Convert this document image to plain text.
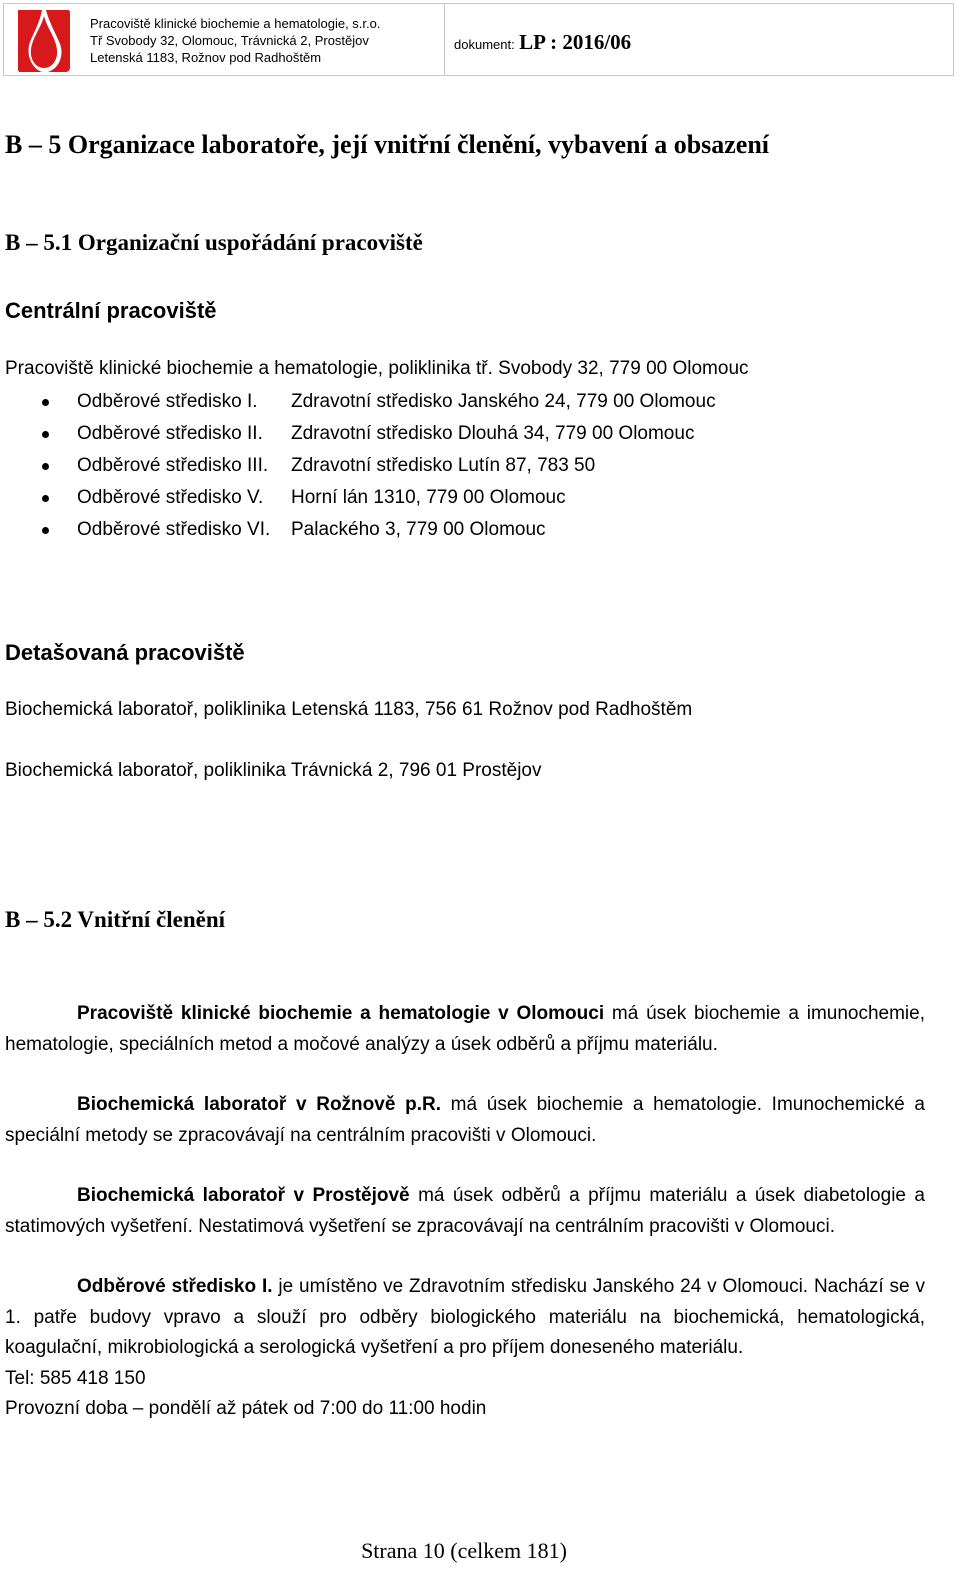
Pracoviště klinické biochemie a hematologie, s.r.o.
Tř Svobody 32, Olomouc, Trávnická 2, Prostějov
Letenská 1183, Rožnov pod Radhoštěm
dokument: LP : 2016/06
B – 5 Organizace laboratoře, její vnitřní členění, vybavení a obsazení
B – 5.1 Organizační uspořádání pracoviště
Centrální pracoviště
Pracoviště klinické biochemie a hematologie, poliklinika tř. Svobody 32, 779 00 Olomouc
Odběrové středisko I. Zdravotní středisko Janského 24, 779 00 Olomouc
Odběrové středisko II. Zdravotní středisko Dlouhá 34, 779 00 Olomouc
Odběrové středisko III. Zdravotní středisko Lutín 87, 783 50
Odběrové středisko V. Horní lán 1310, 779 00 Olomouc
Odběrové středisko VI. Palackého 3, 779 00 Olomouc
Detašovaná pracoviště
Biochemická laboratoř, poliklinika Letenská 1183, 756 61 Rožnov pod Radhoštěm
Biochemická laboratoř, poliklinika Trávnická 2, 796 01 Prostějov
B – 5.2 Vnitřní členění

Pracoviště klinické biochemie a hematologie v Olomouci má úsek biochemie a imunochemie, hematologie, speciálních metod a močové analýzy a úsek odběrů a příjmu materiálu.

Biochemická laboratoř v Rožnově p.R. má úsek biochemie a hematologie. Imunochemické a speciální metody se zpracovávají na centrálním pracovišti v Olomouci.

Biochemická laboratoř v Prostějově má úsek odběrů a příjmu materiálu a úsek diabetologie a statimových vyšetření. Nestatimová vyšetření se zpracovávají na centrálním pracovišti v Olomouci.

Odběrové středisko I. je umístěno ve Zdravotním středisku Janského 24 v Olomouci. Nachází se v 1. patře budovy vpravo a slouží pro odběry biologického materiálu na biochemická, hematologická, koagulační, mikrobiologická a serologická vyšetření a pro příjem doneseného materiálu.

Tel: 585 418 150

Provozní doba – pondělí až pátek od 7:00 do 11:00 hodin

Strana 10 (celkem 181)
